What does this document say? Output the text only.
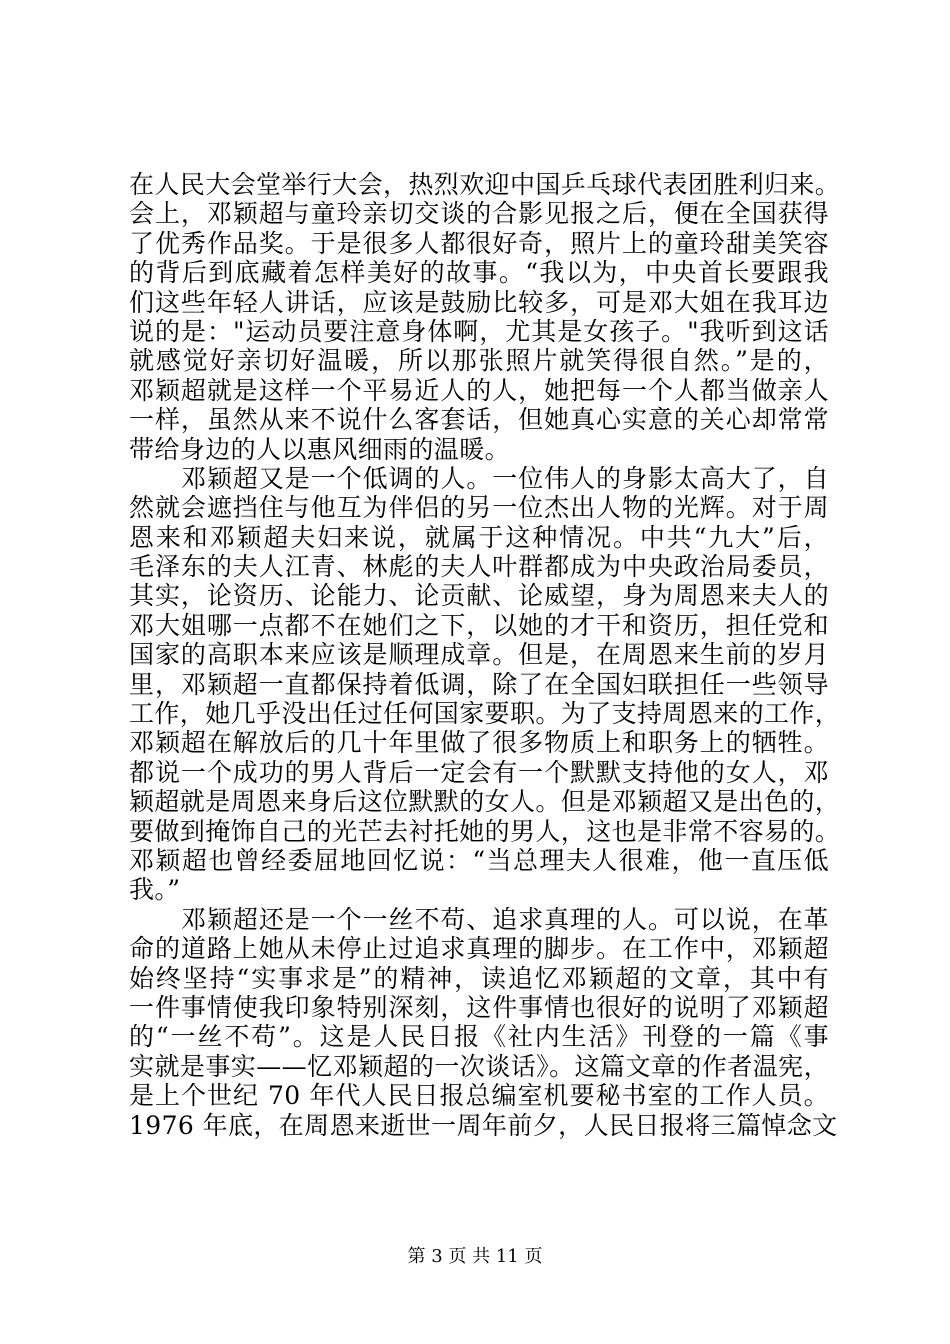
在人民大会堂举行大会，热烈欢迎中国乒乓球代表团胜利归来。
会上，邓颖超与童玲亲切交谈的合影见报之后，便在全国获得
了优秀作品奖。于是很多人都很好奇，照片上的童玲甜美笑容
的背后到底藏着怎样美好的故事。“我以为，中央首长要跟我
们这些年轻人讲话，应该是鼓励比较多，可是邓大姐在我耳边
说的是："运动员要注意身体啊，尤其是女孩子。"我听到这话
就感觉好亲切好温暖，所以那张照片就笑得很自然。”是的，
邓颖超就是这样一个平易近人的人，她把每一个人都当做亲人
一样，虽然从来不说什么客套话，但她真心实意的关心却常常
带给身边的人以惠风细雨的温暖。
邓颖超又是一个低调的人。一位伟人的身影太高大了，自
然就会遮挡住与他互为伴侣的另一位杰出人物的光辉。对于周
恩来和邓颖超夫妇来说，就属于这种情况。中共“九大”后，
毛泽东的夫人江青、林彪的夫人叶群都成为中央政治局委员，
其实，论资历、论能力、论贡献、论威望，身为周恩来夫人的
邓大姐哪一点都不在她们之下，以她的才干和资历，担任党和
国家的高职本来应该是顺理成章。但是，在周恩来生前的岁月
里，邓颖超一直都保持着低调，除了在全国妇联担任一些领导
工作，她几乎没出任过任何国家要职。为了支持周恩来的工作，
邓颖超在解放后的几十年里做了很多物质上和职务上的牺牲。
都说一个成功的男人背后一定会有一个默默支持他的女人，邓
颖超就是周恩来身后这位默默的女人。但是邓颖超又是出色的，
要做到掩饰自己的光芒去衬托她的男人，这也是非常不容易的。
邓颖超也曾经委屈地回忆说：“当总理夫人很难，他一直压低
我。”
邓颖超还是一个一丝不苟、追求真理的人。可以说，在革
命的道路上她从未停止过追求真理的脚步。在工作中，邓颖超
始终坚持“实事求是”的精神，读追忆邓颖超的文章，其中有
一件事情使我印象特别深刻，这件事情也很好的说明了邓颖超
的“一丝不苟”。这是人民日报《社内生活》刊登的一篇《事
实就是事实——忆邓颖超的一次谈话》。这篇文章的作者温宪，
是上个世纪 70 年代人民日报总编室机要秘书室的工作人员。
1976 年底，在周恩来逝世一周年前夕，人民日报将三篇悼念文
第 3 页 共 11 页
